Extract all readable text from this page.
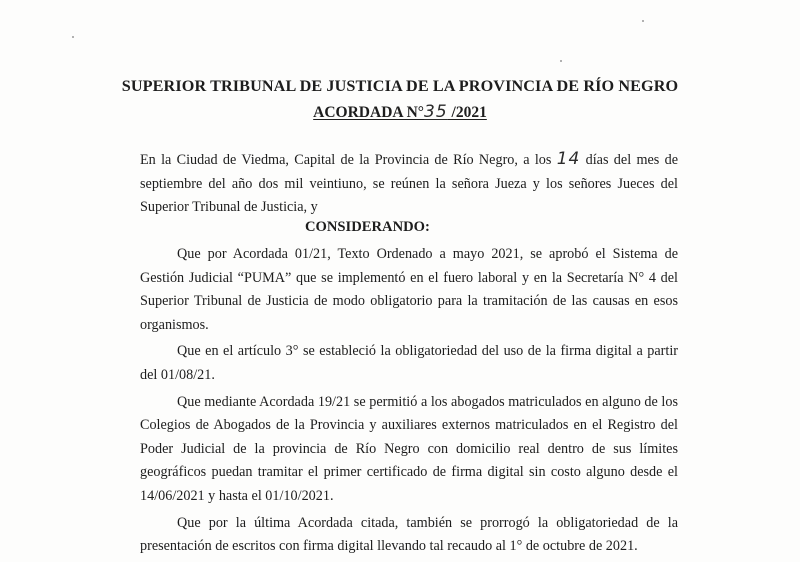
SUPERIOR TRIBUNAL DE JUSTICIA DE LA PROVINCIA DE RÍO NEGRO
ACORDADA N°35 /2021
En la Ciudad de Viedma, Capital de la Provincia de Río Negro, a los 14 días del mes de septiembre del año dos mil veintiuno, se reúnen la señora Jueza y los señores Jueces del Superior Tribunal de Justicia, y
CONSIDERANDO:

Que por Acordada 01/21, Texto Ordenado a mayo 2021, se aprobó el Sistema de Gestión Judicial “PUMA” que se implementó en el fuero laboral y en la Secretaría N° 4 del Superior Tribunal de Justicia de modo obligatorio para la tramitación de las causas en esos organismos.

Que en el artículo 3° se estableció la obligatoriedad del uso de la firma digital a partir del 01/08/21.

Que mediante Acordada 19/21 se permitió a los abogados matriculados en alguno de los Colegios de Abogados de la Provincia y auxiliares externos matriculados en el Registro del Poder Judicial de la provincia de Río Negro con domicilio real dentro de sus límites geográficos puedan tramitar el primer certificado de firma digital sin costo alguno desde el 14/06/2021 y hasta el 01/10/2021.

Que por la última Acordada citada, también se prorrogó la obligatoriedad de la presentación de escritos con firma digital llevando tal recaudo al 1° de octubre de 2021.
